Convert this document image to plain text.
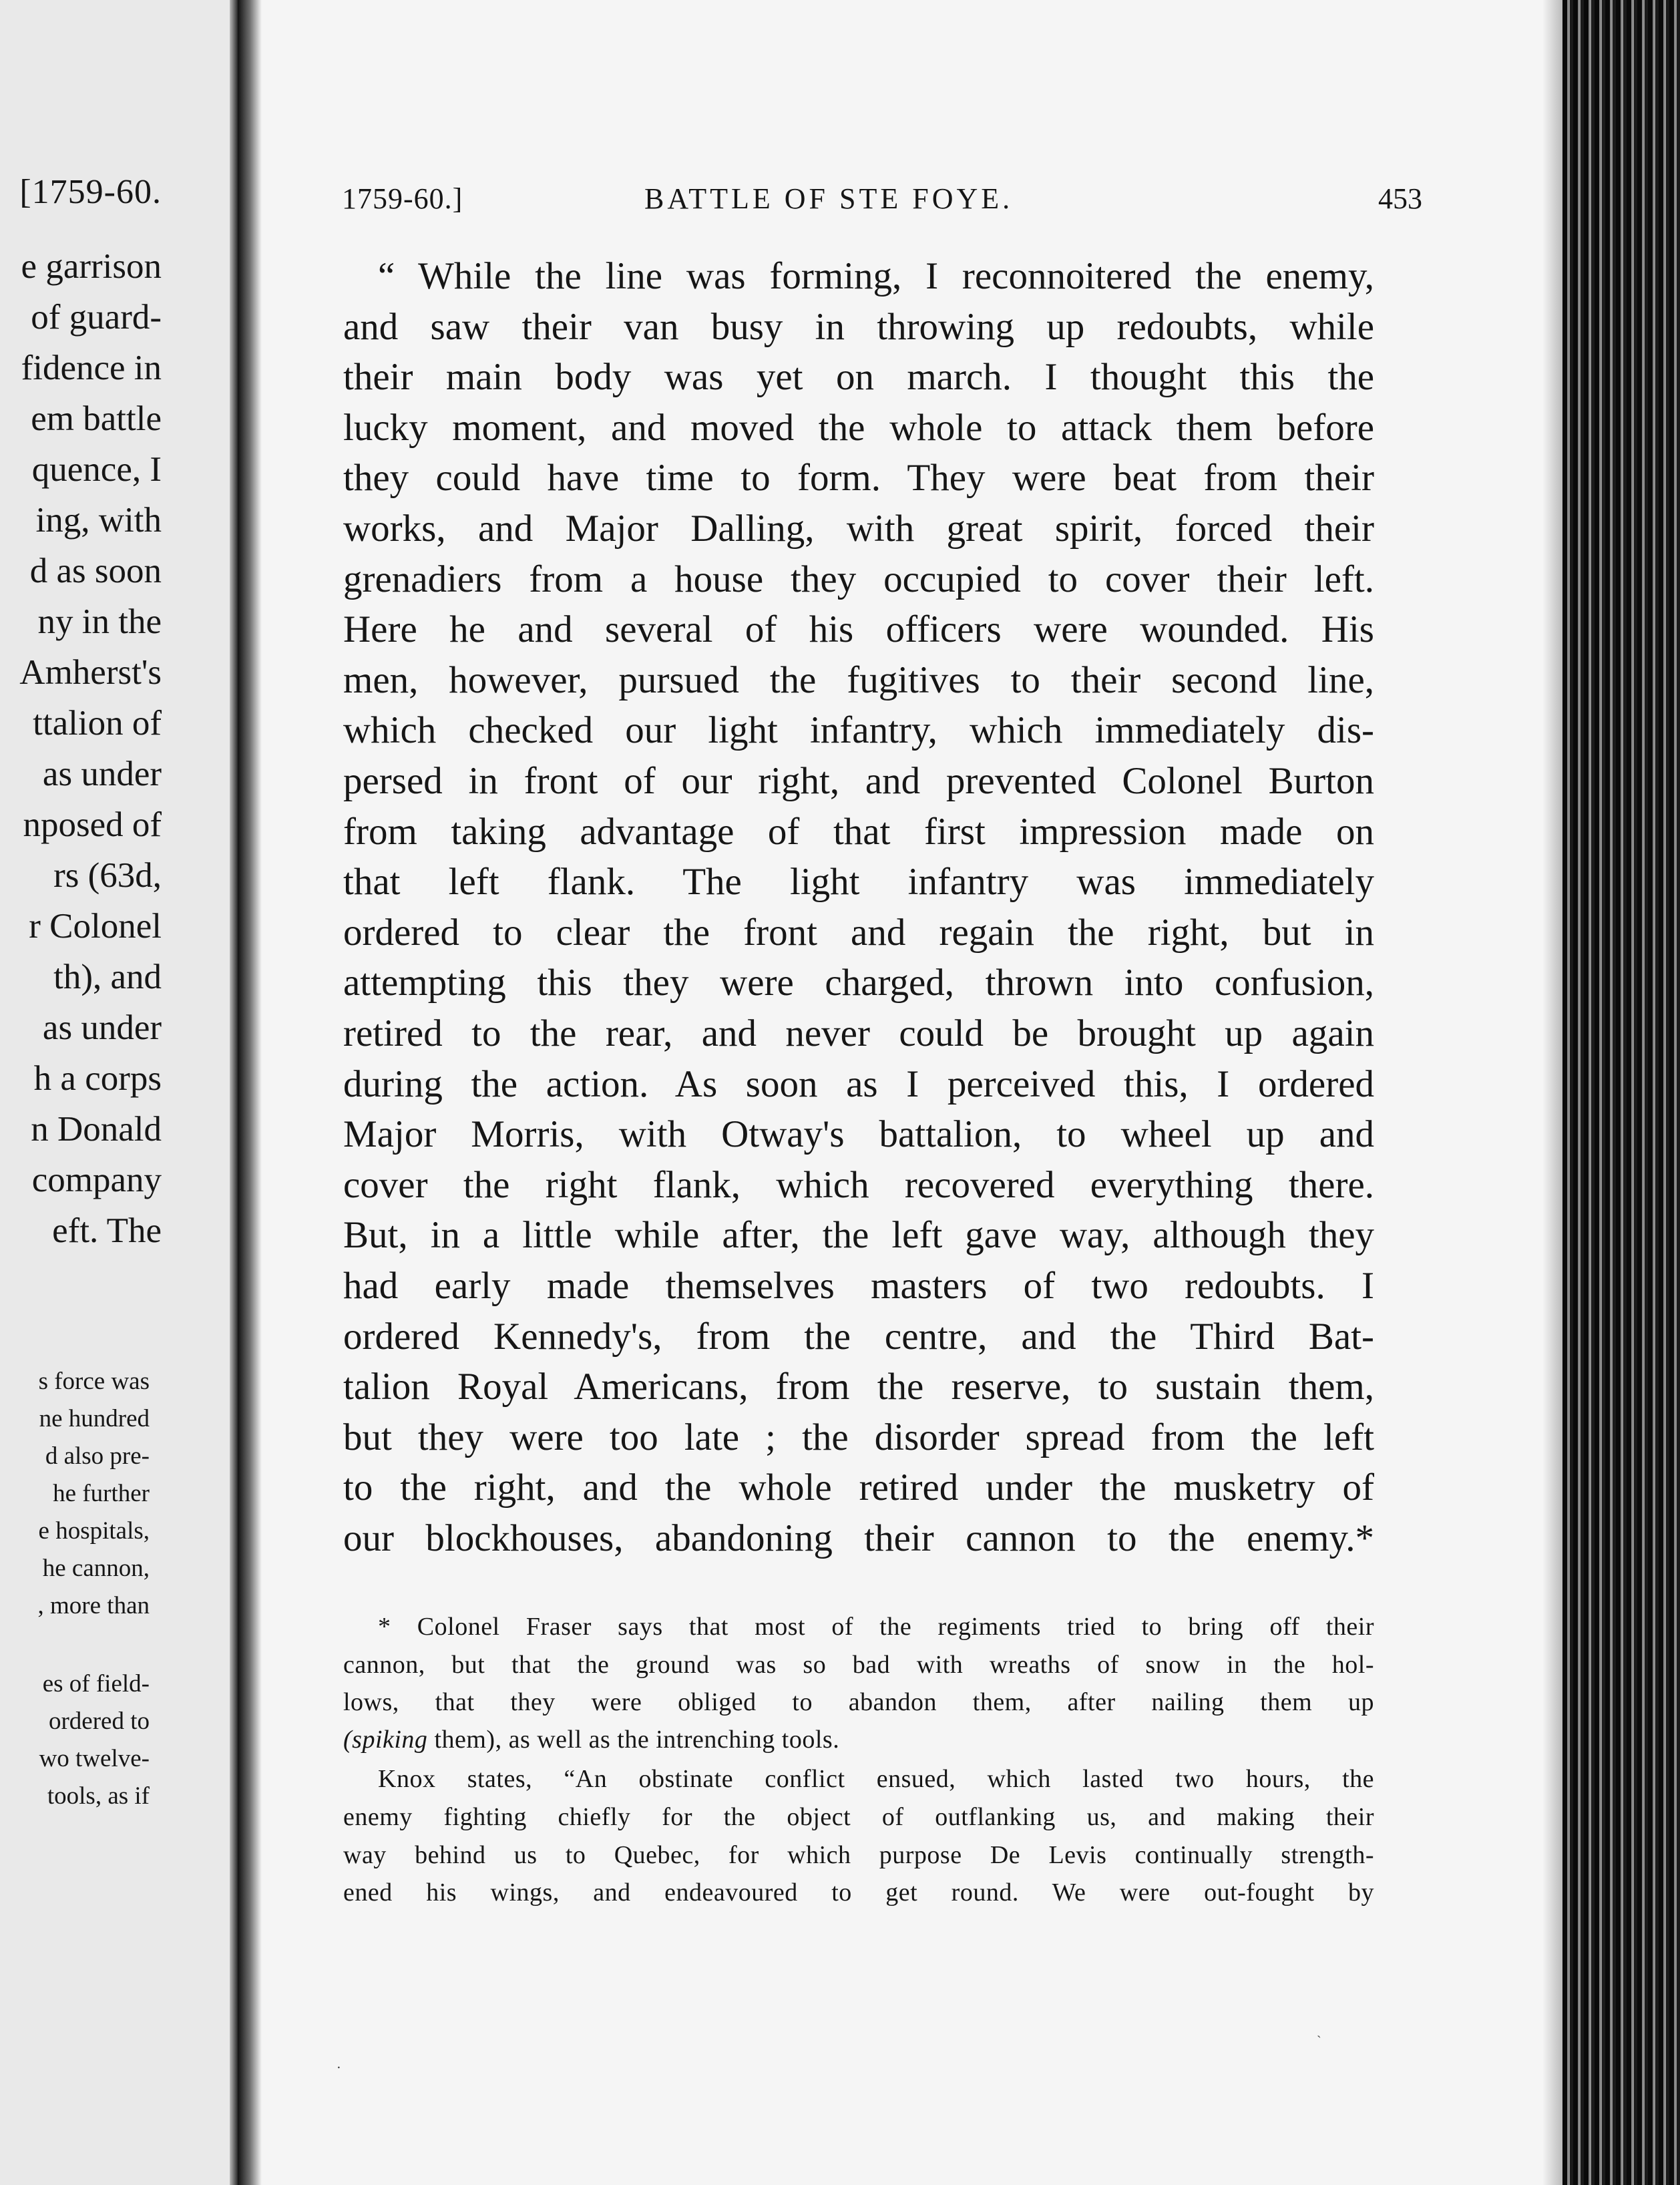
[1759-60.
e garrison
of guard-
fidence in
em battle
quence, I
ing, with
d as soon
ny in the
Amherst's
ttalion of
as under
nposed of
rs (63d,
r Colonel
th), and
as under
h a corps
n Donald
company
eft. The
s force was
ne hundred
d also pre-
he further
e hospitals,
he cannon,
, more than
es of field-
ordered to
wo twelve-
tools, as if
1759-60.]	BATTLE OF STE FOYE.	453
“ While the line was forming, I reconnoitered the enemy,
and saw their van busy in throwing up redoubts, while
their main body was yet on march. I thought this the
lucky moment, and moved the whole to attack them before
they could have time to form. They were beat from their
works, and Major Dalling, with great spirit, forced their
grenadiers from a house they occupied to cover their left.
Here he and several of his officers were wounded. His
men, however, pursued the fugitives to their second line,
which checked our light infantry, which immediately dis-
persed in front of our right, and prevented Colonel Burton
from taking advantage of that first impression made on
that left flank. The light infantry was immediately
ordered to clear the front and regain the right, but in
attempting this they were charged, thrown into confusion,
retired to the rear, and never could be brought up again
during the action. As soon as I perceived this, I ordered
Major Morris, with Otway's battalion, to wheel up and
cover the right flank, which recovered everything there.
But, in a little while after, the left gave way, although they
had early made themselves masters of two redoubts. I
ordered Kennedy's, from the centre, and the Third Bat-
talion Royal Americans, from the reserve, to sustain them,
but they were too late ; the disorder spread from the left
to the right, and the whole retired under the musketry of
our blockhouses, abandoning their cannon to the enemy.*
* Colonel Fraser says that most of the regiments tried to bring off their
cannon, but that the ground was so bad with wreaths of snow in the hol-
lows, that they were obliged to abandon them, after nailing them up
(spiking them), as well as the intrenching tools.
Knox states, “An obstinate conflict ensued, which lasted two hours, the
enemy fighting chiefly for the object of outflanking us, and making their
way behind us to Quebec, for which purpose De Levis continually strength-
ened his wings, and endeavoured to get round. We were out-fought by
․
ˏ
